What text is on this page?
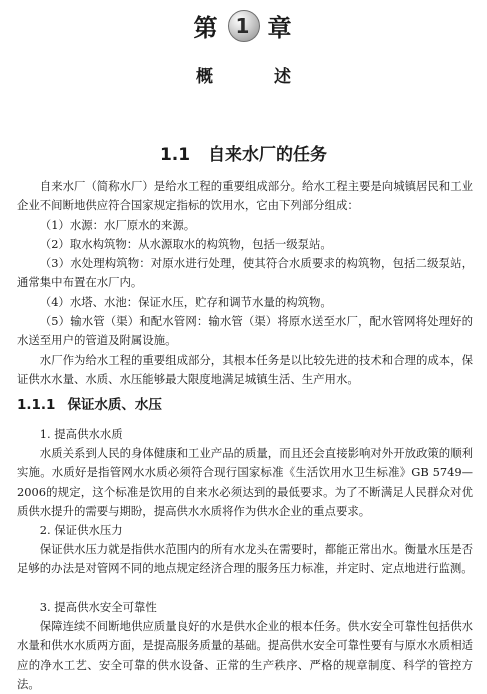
第 1 章
概　述
1.1 自来水厂的任务

自来水厂（简称水厂）是给水工程的重要组成部分。给水工程主要是向城镇居民和工业企业不间断地供应符合国家规定指标的饮用水，它由下列部分组成：

（1）水源：水厂原水的来源。

（2）取水构筑物：从水源取水的构筑物，包括一级泵站。

（3）水处理构筑物：对原水进行处理，使其符合水质要求的构筑物，包括二级泵站，通常集中布置在水厂内。

（4）水塔、水池：保证水压，贮存和调节水量的构筑物。

（5）输水管（渠）和配水管网：输水管（渠）将原水送至水厂，配水管网将处理好的水送至用户的管道及附属设施。

水厂作为给水工程的重要组成部分，其根本任务是以比较先进的技术和合理的成本，保证供水水量、水质、水压能够最大限度地满足城镇生活、生产用水。

1.1.1 保证水质、水压

1. 提高供水水质

水质关系到人民的身体健康和工业产品的质量，而且还会直接影响对外开放政策的顺利实施。水质好是指管网水水质必须符合现行国家标准《生活饮用水卫生标准》GB 5749—2006的规定，这个标准是饮用的自来水必须达到的最低要求。为了不断满足人民群众对优质供水提升的需要与期盼，提高供水水质将作为供水企业的重点要求。

2. 保证供水压力

保证供水压力就是指供水范围内的所有水龙头在需要时，都能正常出水。衡量水压是否足够的办法是对管网不同的地点规定经济合理的服务压力标准，并定时、定点地进行监测。

3. 提高供水安全可靠性

保障连续不间断地供应质量良好的水是供水企业的根本任务。供水安全可靠性包括供水水量和供水水质两方面，是提高服务质量的基础。提高供水安全可靠性要有与原水水质相适应的净水工艺、安全可靠的供水设备、正常的生产秩序、严格的规章制度、科学的管控方法。
